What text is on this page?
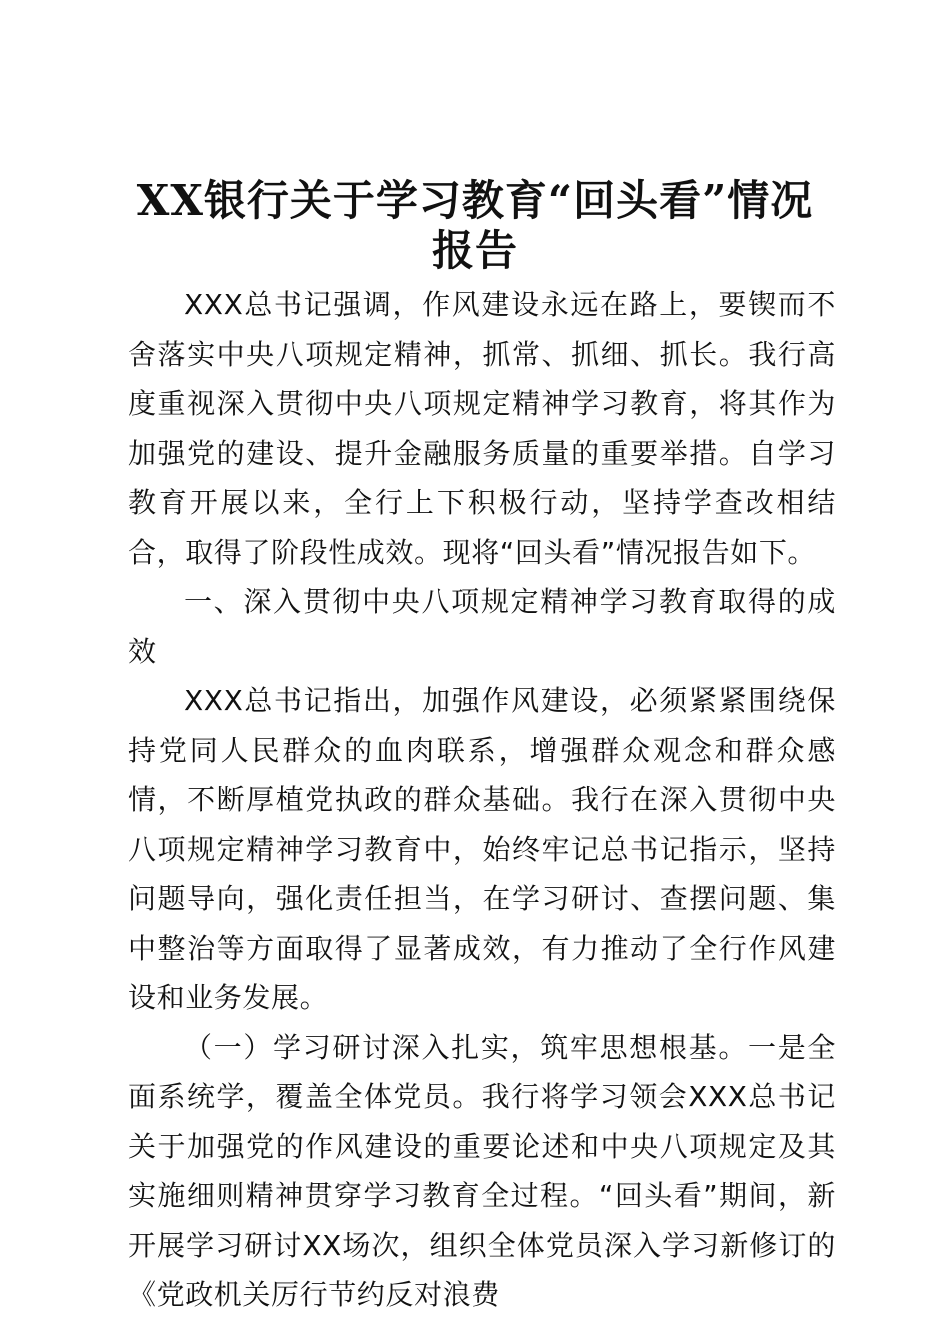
XX银行关于学习教育“回头看”情况
报告

XXX总书记强调，作风建设永远在路上，要锲而不舍落实中央八项规定精神，抓常、抓细、抓长。我行高度重视深入贯彻中央八项规定精神学习教育，将其作为加强党的建设、提升金融服务质量的重要举措。自学习教育开展以来，全行上下积极行动，坚持学查改相结合，取得了阶段性成效。现将“回头看”情况报告如下。

一、深入贯彻中央八项规定精神学习教育取得的成效

XXX总书记指出，加强作风建设，必须紧紧围绕保持党同人民群众的血肉联系，增强群众观念和群众感情，不断厚植党执政的群众基础。我行在深入贯彻中央八项规定精神学习教育中，始终牢记总书记指示，坚持问题导向，强化责任担当，在学习研讨、查摆问题、集中整治等方面取得了显著成效，有力推动了全行作风建设和业务发展。

（一）学习研讨深入扎实，筑牢思想根基。一是全面系统学，覆盖全体党员。我行将学习领会XXX总书记关于加强党的作风建设的重要论述和中央八项规定及其实施细则精神贯穿学习教育全过程。“回头看”期间，新开展学习研讨XX场次，组织全体党员深入学习新修订的《党政机关厉行节约反对浪费
